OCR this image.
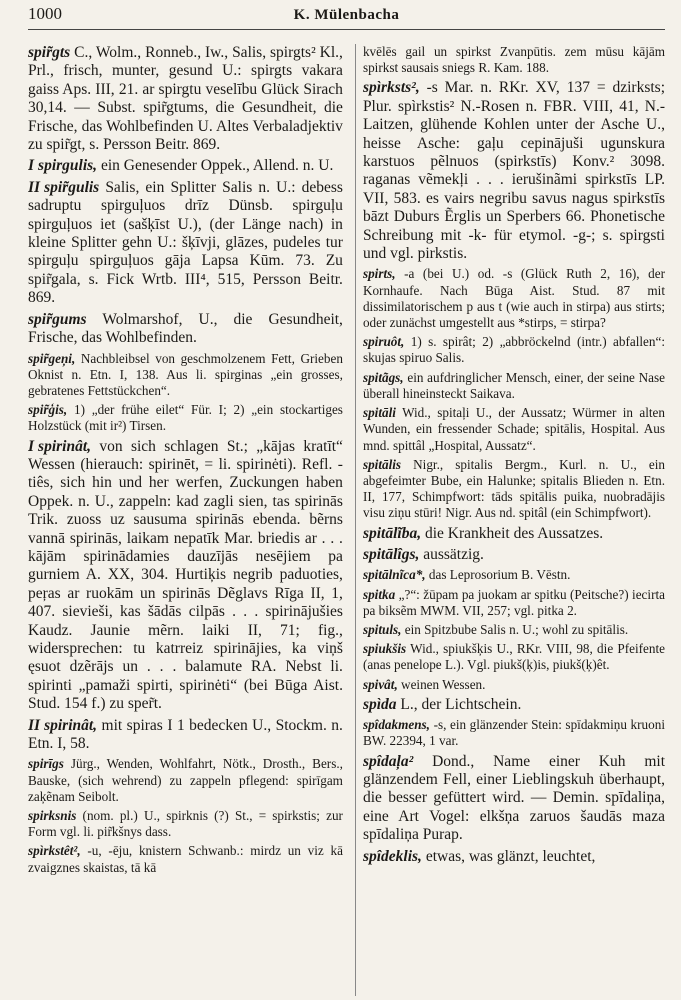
1000	K. Mülenbacha

spir̃gts C., Wolm., Ronneb., Iw., Salis, spirgts² Kl., Prl., frisch, munter, gesund U.: spirgts vakara gaiss Aps. III, 21. ar spirgtu veselību Glück Sirach 30,14. — Subst. spir̃gtums, die Gesundheit, die Frische, das Wohlbefinden U. Altes Verbaladjektiv zu spir̃gt, s. Persson Beitr. 869.

I spirgulis, ein Genesender Oppek., Allend. n. U.

II spir̃gulis Salis, ein Splitter Salis n. U.: debess sadruptu spirguļuos drīz Dünsb. spirguļu spirguļuos iet (sašķīst U.), (der Länge nach) in kleine Splitter gehn U.: šķīvji, glāzes, pudeles tur spirguļu spirguļuos gāja Lapsa Kūm. 73. Zu spir̃gala, s. Fick Wrtb. III⁴, 515, Persson Beitr. 869.

spir̃gums Wolmarshof, U., die Gesundheit, Frische, das Wohlbefinden.

spir̃geņi, Nachbleibsel von geschmolzenem Fett, Grieben Oknist n. Etn. I, 138. Aus li. spirginas „ein grosses, gebratenes Fettstückchen“.

spir̃ģis, 1) „der frühe eilet“ Für. I; 2) „ein stockartiges Holzstück (mit ir²) Tirsen.

I spirinât, von sich schlagen St.; „kājas kratīt“ Wessen (hierauch: spirinēt, = li. spirinėti). Refl. -tiês, sich hin und her werfen, Zuckungen haben Oppek. n. U., zappeln: kad zagli sien, tas spirinās Trik. zuoss uz sausuma spirinās ebenda. bẽrns vannā spirinās, laikam nepatīk Mar. briedis ar . . . kājām spirinādamies dauzījās nesējiem pa gurniem A. XX, 304. Hurtiķis negrib paduoties, peŗas ar ruokām un spirinās Dẽglavs Rīga II, 1, 407. sievieši, kas šādās cilpās . . . spirinājušies Kaudz. Jaunie mẽrn. laiki II, 71; fig., widersprechen: tu katrreiz spirinājies, ka viņš ęsuot dzẽrājs un . . . balamute RA. Nebst li. spirinti „pamaži spirti, spirinėti“ (bei Būga Aist. Stud. 154 f.) zu sper̃t.

II spirinât, mit spiras I 1 bedecken U., Stockm. n. Etn. I, 58.

spirīgs Jürg., Wenden, Wohlfahrt, Nötk., Drosth., Bers., Bauske, (sich wehrend) zu zappeln pflegend: spirīgam zaķẽnam Seibolt.

spirksnis (nom. pl.) U., spirknis (?) St., = spirkstis; zur Form vgl. li. pir̃kšnys dass.

spìrkstêt², -u, -ēju, knistern Schwanb.: mirdz un viz kā zvaigznes skaistas, tā kā

kvēlēs gail un spirkst Zvanpūtis. zem mūsu kājām spirkst sausais sniegs R. Kam. 188.

spìrksts², -s Mar. n. RKr. XV, 137 = dzirksts; Plur. spìrkstis² N.-Rosen n. FBR. VIII, 41, N.-Laitzen, glühende Kohlen unter der Asche U., heisse Asche: gaļu cepinājuši ugunskura karstuos pẽlnuos (spirkstīs) Konv.² 3098. raganas vẽmekļi . . . ierušinãmi spirkstīs LP. VII, 583. es vairs negribu savus nagus spirkstīs bāzt Duburs Ẽrglis un Sperbers 66. Phonetische Schreibung mit -k- für etymol. -g-; s. spirgsti und vgl. pirkstis.

spirts, -a (bei U.) od. -s (Glück Ruth 2, 16), der Kornhaufe. Nach Būga Aist. Stud. 87 mit dissimilatorischem p aus t (wie auch in stirpa) aus stirts; oder zunächst umgestellt aus *stirps, = stirpa?

spiruôt, 1) s. spirât; 2) „abbröckelnd (intr.) abfallen“: skujas spiruo Salis.

spitãgs, ein aufdringlicher Mensch, einer, der seine Nase überall hineinsteckt Saikava.

spitāli Wid., spitaļi U., der Aussatz; Würmer in alten Wunden, ein fressender Schade; spitālis, Hospital. Aus mnd. spittâl „Hospital, Aussatz“.

spitālis Nigr., spitalis Bergm., Kurl. n. U., ein abgefeimter Bube, ein Halunke; spitalis Blieden n. Etn. II, 177, Schimpfwort: tāds spitālis puika, nuobradājis visu ziņu stūri! Nigr. Aus nd. spitâl (ein Schimpfwort).

spitālĩba, die Krankheit des Aussatzes.

spitālîgs, aussätzig.

spitālnĩca*, das Leprosorium B. Vēstn.

spitka „?“: žūpam pa juokam ar spitku (Peitsche?) iecirta pa biksẽm MWM. VII, 257; vgl. pitka 2.

spituls, ein Spitzbube Salis n. U.; wohl zu spitālis.

spiukšis Wid., spiukšķis U., RKr. VIII, 98, die Pfeifente (anas penelope L.). Vgl. piukš(ķ)is, piukš(ķ)êt.

spivât, weinen Wessen.

spìda L., der Lichtschein.

spîdakmens, -s, ein glänzender Stein: spīdakmiņu kruoni BW. 22394, 1 var.

spîdaļa² Dond., Name einer Kuh mit glänzendem Fell, einer Lieblingskuh überhaupt, die besser gefüttert wird. — Demin. spīdaliņa, eine Art Vogel: elkšņa zaruos šaudās maza spīdaliņa Purap.

spîdeklis, etwas, was glänzt, leuchtet,
